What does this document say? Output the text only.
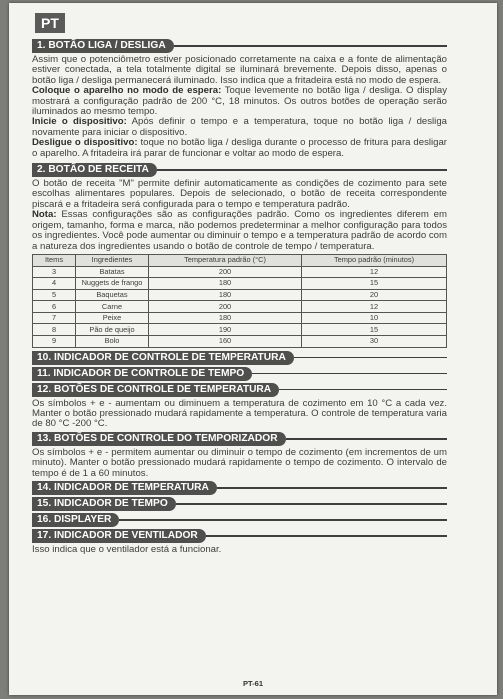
PT
1. BOTÃO LIGA / DESLIGA

Assim que o potenciômetro estiver posicionado corretamente na caixa e a fonte de alimentação estiver conectada, a tela totalmente digital se iluminará brevemente. Depois disso, apenas o botão liga / desliga permanecerá iluminado. Isso indica que a fritadeira está no modo de espera.

Coloque o aparelho no modo de espera: Toque levemente no botão liga / desliga. O display mostrará a configuração padrão de 200 °C, 18 minutos. Os outros botões de operação serão iluminados ao mesmo tempo.

Inicie o dispositivo: Após definir o tempo e a temperatura, toque no botão liga / desliga novamente para iniciar o dispositivo.

Desligue o dispositivo: toque no botão liga / desliga durante o processo de fritura para desligar o aparelho. A fritadeira irá parar de funcionar e voltar ao modo de espera.

2. BOTÃO DE RECEITA

O botão de receita "M" permite definir automaticamente as condições de cozimento para sete escolhas alimentares populares. Depois de selecionado, o botão de receita correspondente piscará e a fritadeira será configurada para o tempo e temperatura padrão.

Nota: Essas configurações são as configurações padrão. Como os ingredientes diferem em origem, tamanho, forma e marca, não podemos predeterminar a melhor configuração para todos os ingredientes. Você pode aumentar ou diminuir o tempo e a temperatura padrão de acordo com a natureza dos ingredientes usando o botão de controle de tempo / temperatura.

Items	Ingredientes	Temperatura padrão (°C)	Tempo padrão (minutos)
3	Batatas	200	12
4	Nuggets de frango	180	15
5	Baquetas	180	20
6	Carne	200	12
7	Peixe	180	10
8	Pão de queijo	190	15
9	Bolo	160	30
10. INDICADOR DE CONTROLE DE TEMPERATURA
11. INDICADOR DE CONTROLE DE TEMPO
12. BOTÕES DE CONTROLE DE TEMPERATURA

Os símbolos + e - aumentam ou diminuem a temperatura de cozimento em 10 °C a cada vez. Manter o botão pressionado mudará rapidamente a temperatura. O controle de temperatura varia de 80 °C -200 °C.

13. BOTÕES DE CONTROLE DO TEMPORIZADOR

Os símbolos + e - permitem aumentar ou diminuir o tempo de cozimento (em incrementos de um minuto). Manter o botão pressionado mudará rapidamente o tempo de cozimento. O intervalo de tempo é de 1 a 60 minutos.

14. INDICADOR DE TEMPERATURA
15. INDICADOR DE TEMPO
16. DISPLAYER
17. INDICADOR DE VENTILADOR

Isso indica que o ventilador está a funcionar.

PT-61
